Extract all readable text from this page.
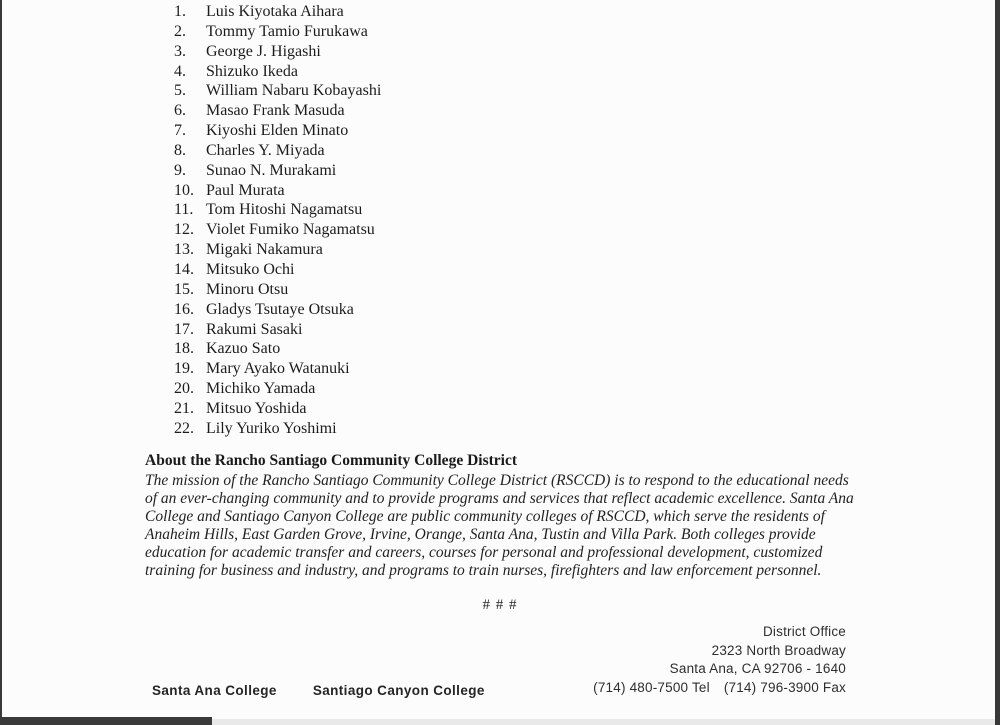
1. Luis Kiyotaka Aihara
2. Tommy Tamio Furukawa
3. George J. Higashi
4. Shizuko Ikeda
5. William Nabaru Kobayashi
6. Masao Frank Masuda
7. Kiyoshi Elden Minato
8. Charles Y. Miyada
9. Sunao N. Murakami
10. Paul Murata
11. Tom Hitoshi Nagamatsu
12. Violet Fumiko Nagamatsu
13. Migaki Nakamura
14. Mitsuko Ochi
15. Minoru Otsu
16. Gladys Tsutaye Otsuka
17. Rakumi Sasaki
18. Kazuo Sato
19. Mary Ayako Watanuki
20. Michiko Yamada
21. Mitsuo Yoshida
22. Lily Yuriko Yoshimi

About the Rancho Santiago Community College District

The mission of the Rancho Santiago Community College District (RSCCD) is to respond to the educational needs of an ever-changing community and to provide programs and services that reflect academic excellence. Santa Ana College and Santiago Canyon College are public community colleges of RSCCD, which serve the residents of Anaheim Hills, East Garden Grove, Irvine, Orange, Santa Ana, Tustin and Villa Park. Both colleges provide education for academic transfer and careers, courses for personal and professional development, customized training for business and industry, and programs to train nurses, firefighters and law enforcement personnel.

# # #
District Office
2323 North Broadway
Santa Ana, CA 92706 - 1640
(714) 480-7500 Tel (714) 796-3900 Fax
Santa Ana College	Santiago Canyon College
